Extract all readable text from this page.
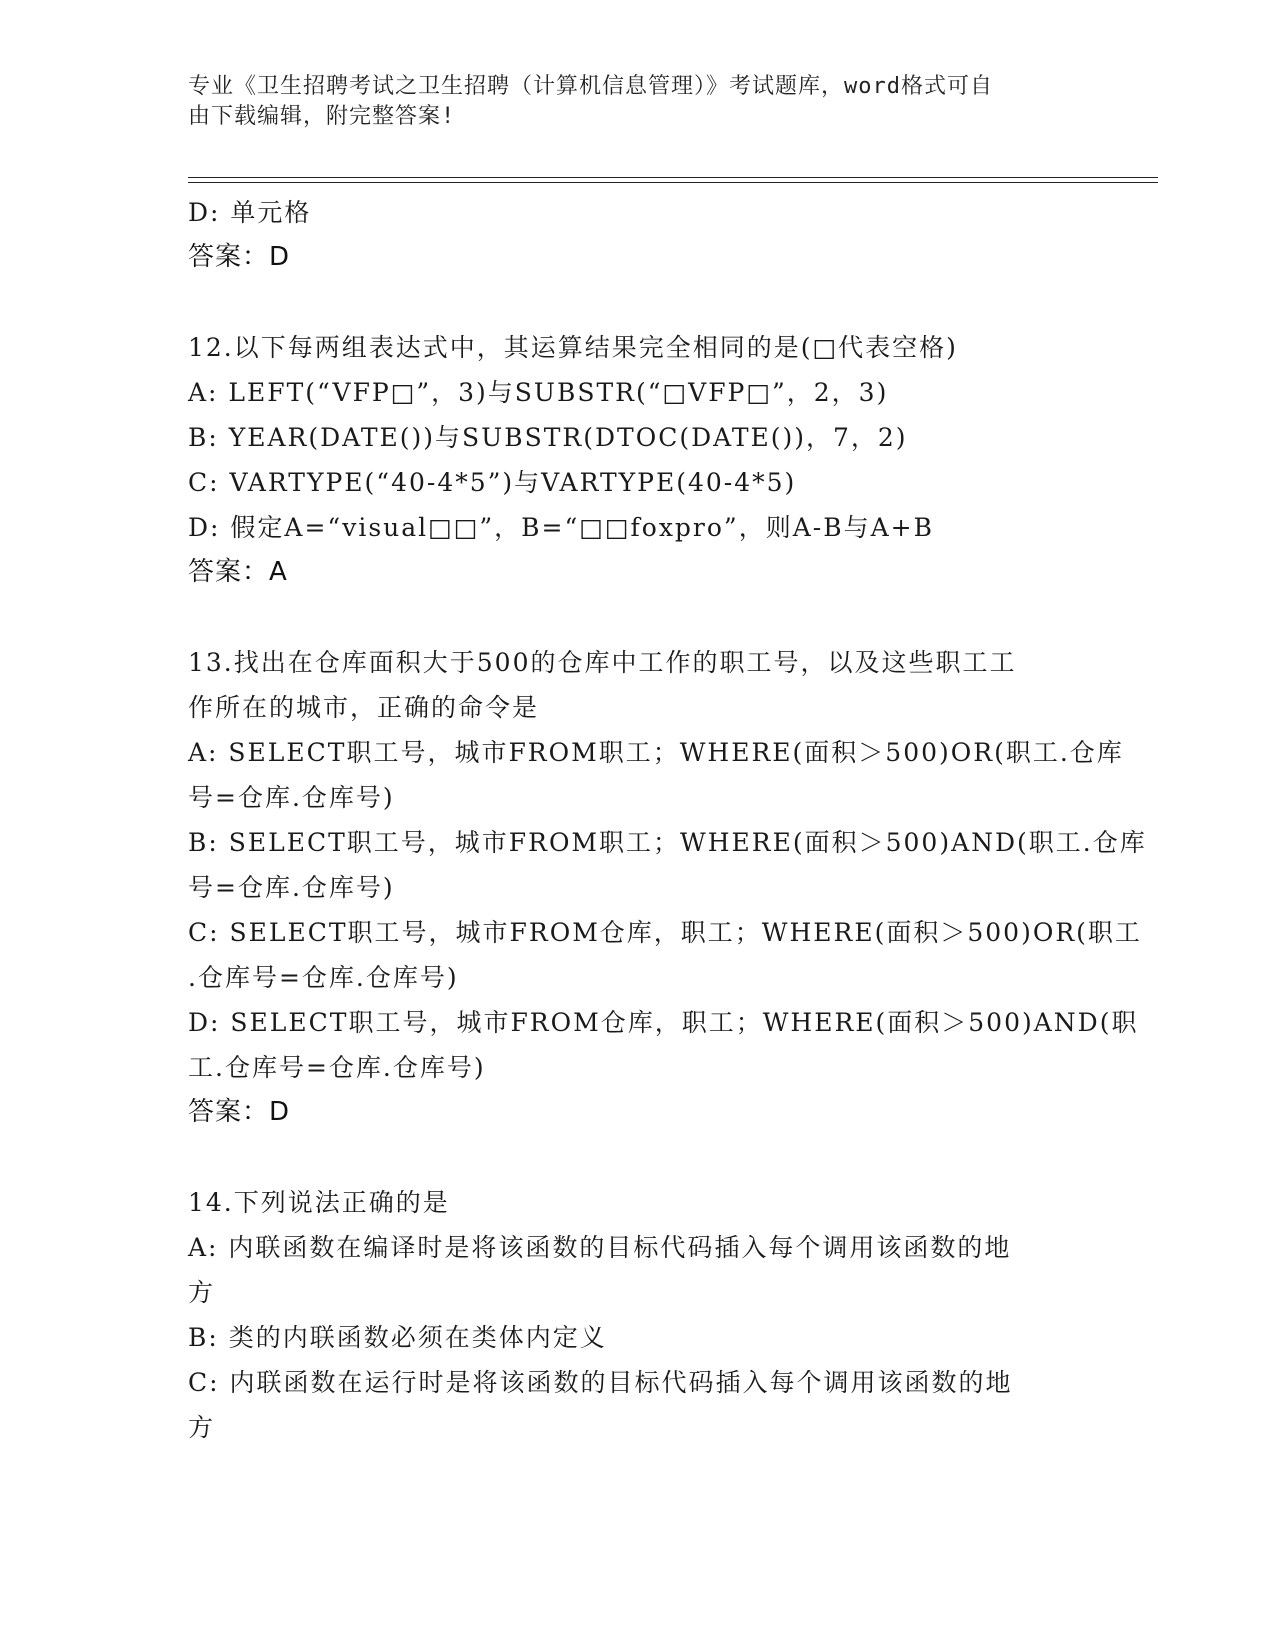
专业《卫生招聘考试之卫生招聘（计算机信息管理）》考试题库，word格式可自
由下载编辑，附完整答案!
D: 单元格
答案：D
12.以下每两组表达式中，其运算结果完全相同的是(□代表空格)
A: LEFT(“VFP□”，3)与SUBSTR(“□VFP□”，2，3)
B: YEAR(DATE())与SUBSTR(DTOC(DATE())，7，2)
C: VARTYPE(“40-4*5”)与VARTYPE(40-4*5)
D: 假定A=“visual□□”，B=“□□foxpro”，则A-B与A+B
答案：A
13.找出在仓库面积大于500的仓库中工作的职工号，以及这些职工工
作所在的城市，正确的命令是
A: SELECT职工号，城市FROM职工；WHERE(面积＞500)OR(职工.仓库
号=仓库.仓库号)
B: SELECT职工号，城市FROM职工；WHERE(面积＞500)AND(职工.仓库
号=仓库.仓库号)
C: SELECT职工号，城市FROM仓库，职工；WHERE(面积＞500)OR(职工
.仓库号=仓库.仓库号)
D: SELECT职工号，城市FROM仓库，职工；WHERE(面积＞500)AND(职
工.仓库号=仓库.仓库号)
答案：D
14.下列说法正确的是
A: 内联函数在编译时是将该函数的目标代码插入每个调用该函数的地
方
B: 类的内联函数必须在类体内定义
C: 内联函数在运行时是将该函数的目标代码插入每个调用该函数的地
方
